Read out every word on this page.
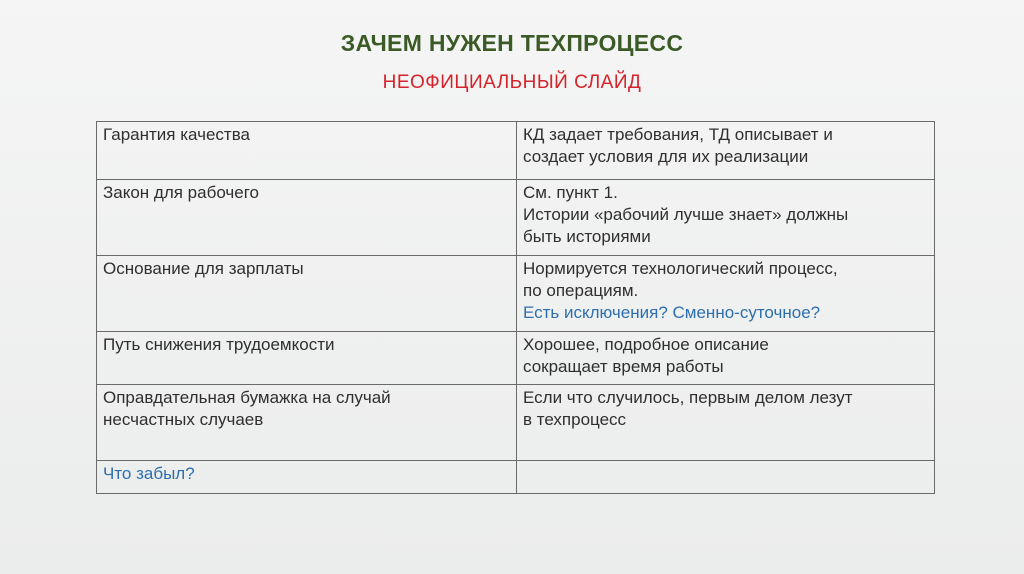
ЗАЧЕМ НУЖЕН ТЕХПРОЦЕСС
НЕОФИЦИАЛЬНЫЙ СЛАЙД
Гарантия качества	КД задает требования, ТД описывает и
создает условия для их реализации

Закон для рабочего	См. пункт 1.
Истории «рабочий лучше знает» должны
быть историями

Основание для зарплаты	Нормируется технологический процесс,
по операциям.
Есть исключения? Сменно-суточное?

Путь снижения трудоемкости	Хорошее, подробное описание
сокращает время работы

Оправдательная бумажка на случай
несчастных случаев	Если что случилось, первым делом лезут
в техпроцесс

Что забыл?	
